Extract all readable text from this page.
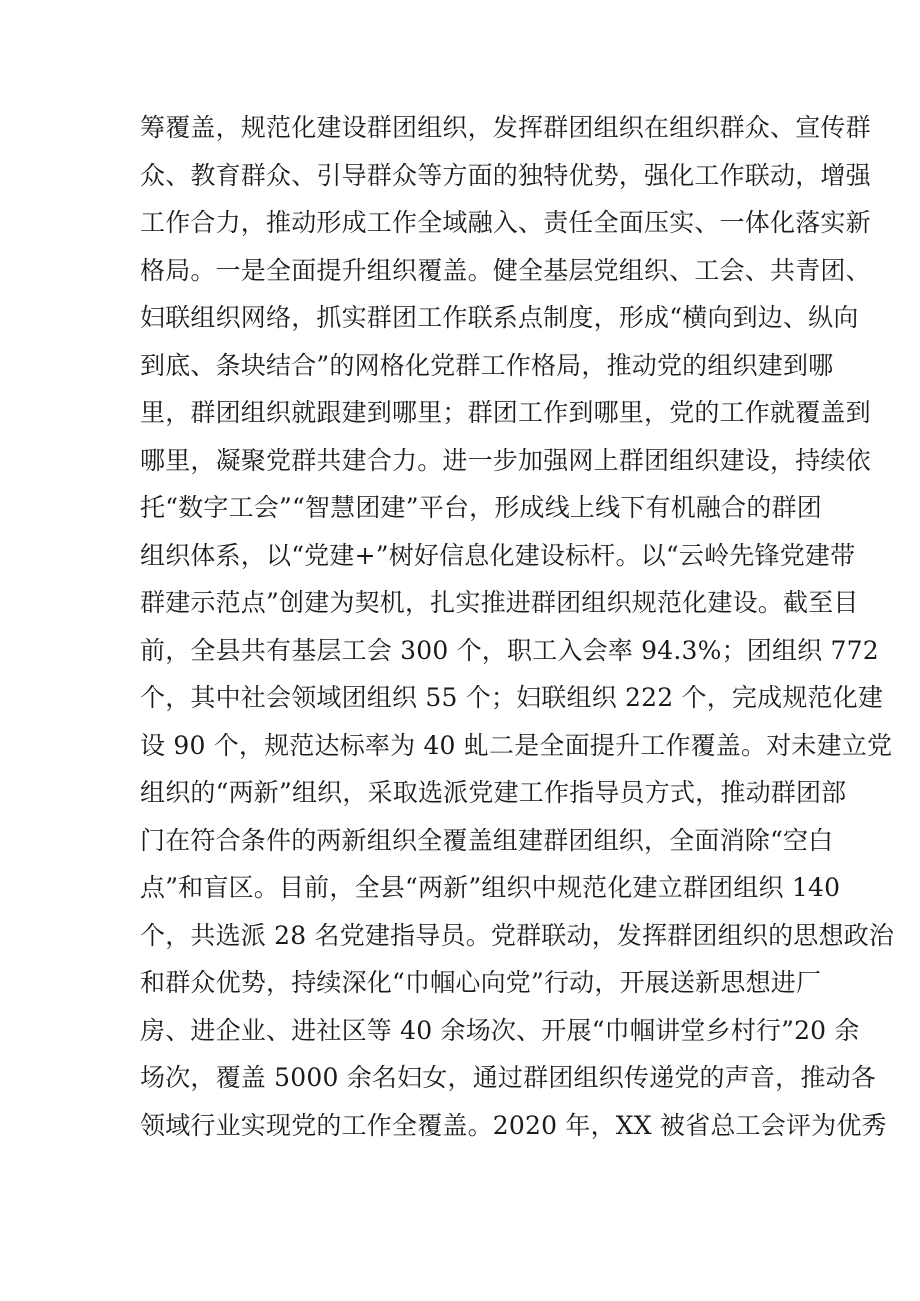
筹覆盖，规范化建设群团组织，发挥群团组织在组织群众、宣传群
众、教育群众、引导群众等方面的独特优势，强化工作联动，增强
工作合力，推动形成工作全域融入、责任全面压实、一体化落实新
格局。一是全面提升组织覆盖。健全基层党组织、工会、共青团、
妇联组织网络，抓实群团工作联系点制度，形成“横向到边、纵向
到底、条块结合”的网格化党群工作格局，推动党的组织建到哪
里，群团组织就跟建到哪里；群团工作到哪里，党的工作就覆盖到
哪里，凝聚党群共建合力。进一步加强网上群团组织建设，持续依
托“数字工会”“智慧团建”平台，形成线上线下有机融合的群团
组织体系，以“党建+”树好信息化建设标杆。以“云岭先锋党建带
群建示范点”创建为契机，扎实推进群团组织规范化建设。截至目
前，全县共有基层工会 300 个，职工入会率 94.3%；团组织 772
个，其中社会领域团组织 55 个；妇联组织 222 个，完成规范化建
设 90 个，规范达标率为 40 虬二是全面提升工作覆盖。对未建立党
组织的“两新”组织，采取选派党建工作指导员方式，推动群团部
门在符合条件的两新组织全覆盖组建群团组织，全面消除“空白
点”和盲区。目前，全县“两新”组织中规范化建立群团组织 140
个，共选派 28 名党建指导员。党群联动，发挥群团组织的思想政治
和群众优势，持续深化“巾帼心向党”行动，开展送新思想进厂
房、进企业、进社区等 40 余场次、开展“巾帼讲堂乡村行”20 余
场次，覆盖 5000 余名妇女，通过群团组织传递党的声音，推动各
领域行业实现党的工作全覆盖。2020 年，XX 被省总工会评为优秀
